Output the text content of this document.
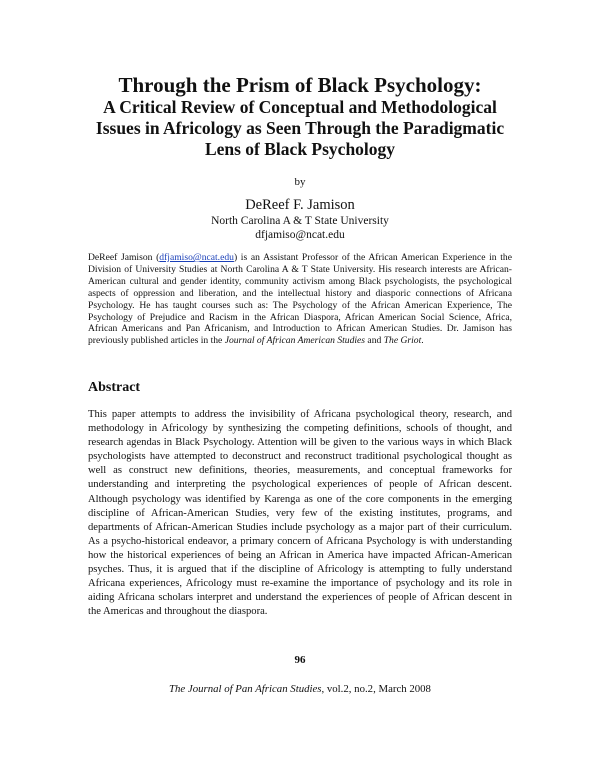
Through the Prism of Black Psychology:

A Critical Review of Conceptual and Methodological

Issues in Africology as Seen Through the Paradigmatic

Lens of Black Psychology

by
DeReef F. Jamison
North Carolina A & T State University
dfjamiso@ncat.edu
DeReef Jamison (dfjamiso@ncat.edu) is an Assistant Professor of the African American Experience in the Division of University Studies at North Carolina A & T State University. His research interests are African-American cultural and gender identity, community activism among Black psychologists, the psychological aspects of oppression and liberation, and the intellectual history and diasporic connections of Africana Psychology. He has taught courses such as: The Psychology of the African American Experience, The Psychology of Prejudice and Racism in the African Diaspora, African American Social Science, Africa, African Americans and Pan Africanism, and Introduction to African American Studies. Dr. Jamison has previously published articles in the Journal of African American Studies and The Griot.
Abstract
This paper attempts to address the invisibility of Africana psychological theory, research, and methodology in Africology by synthesizing the competing definitions, schools of thought, and research agendas in Black Psychology. Attention will be given to the various ways in which Black psychologists have attempted to deconstruct and reconstruct traditional psychological thought as well as construct new definitions, theories, measurements, and conceptual frameworks for understanding and interpreting the psychological experiences of people of African descent. Although psychology was identified by Karenga as one of the core components in the emerging discipline of African-American Studies, very few of the existing institutes, programs, and departments of African-American Studies include psychology as a major part of their curriculum. As a psycho-historical endeavor, a primary concern of Africana Psychology is with understanding how the historical experiences of being an African in America have impacted African-American psyches. Thus, it is argued that if the discipline of Africology is attempting to fully understand Africana experiences, Africology must re-examine the importance of psychology and its role in aiding Africana scholars interpret and understand the experiences of people of African descent in the Americas and throughout the diaspora.
96
The Journal of Pan African Studies, vol.2, no.2, March 2008
